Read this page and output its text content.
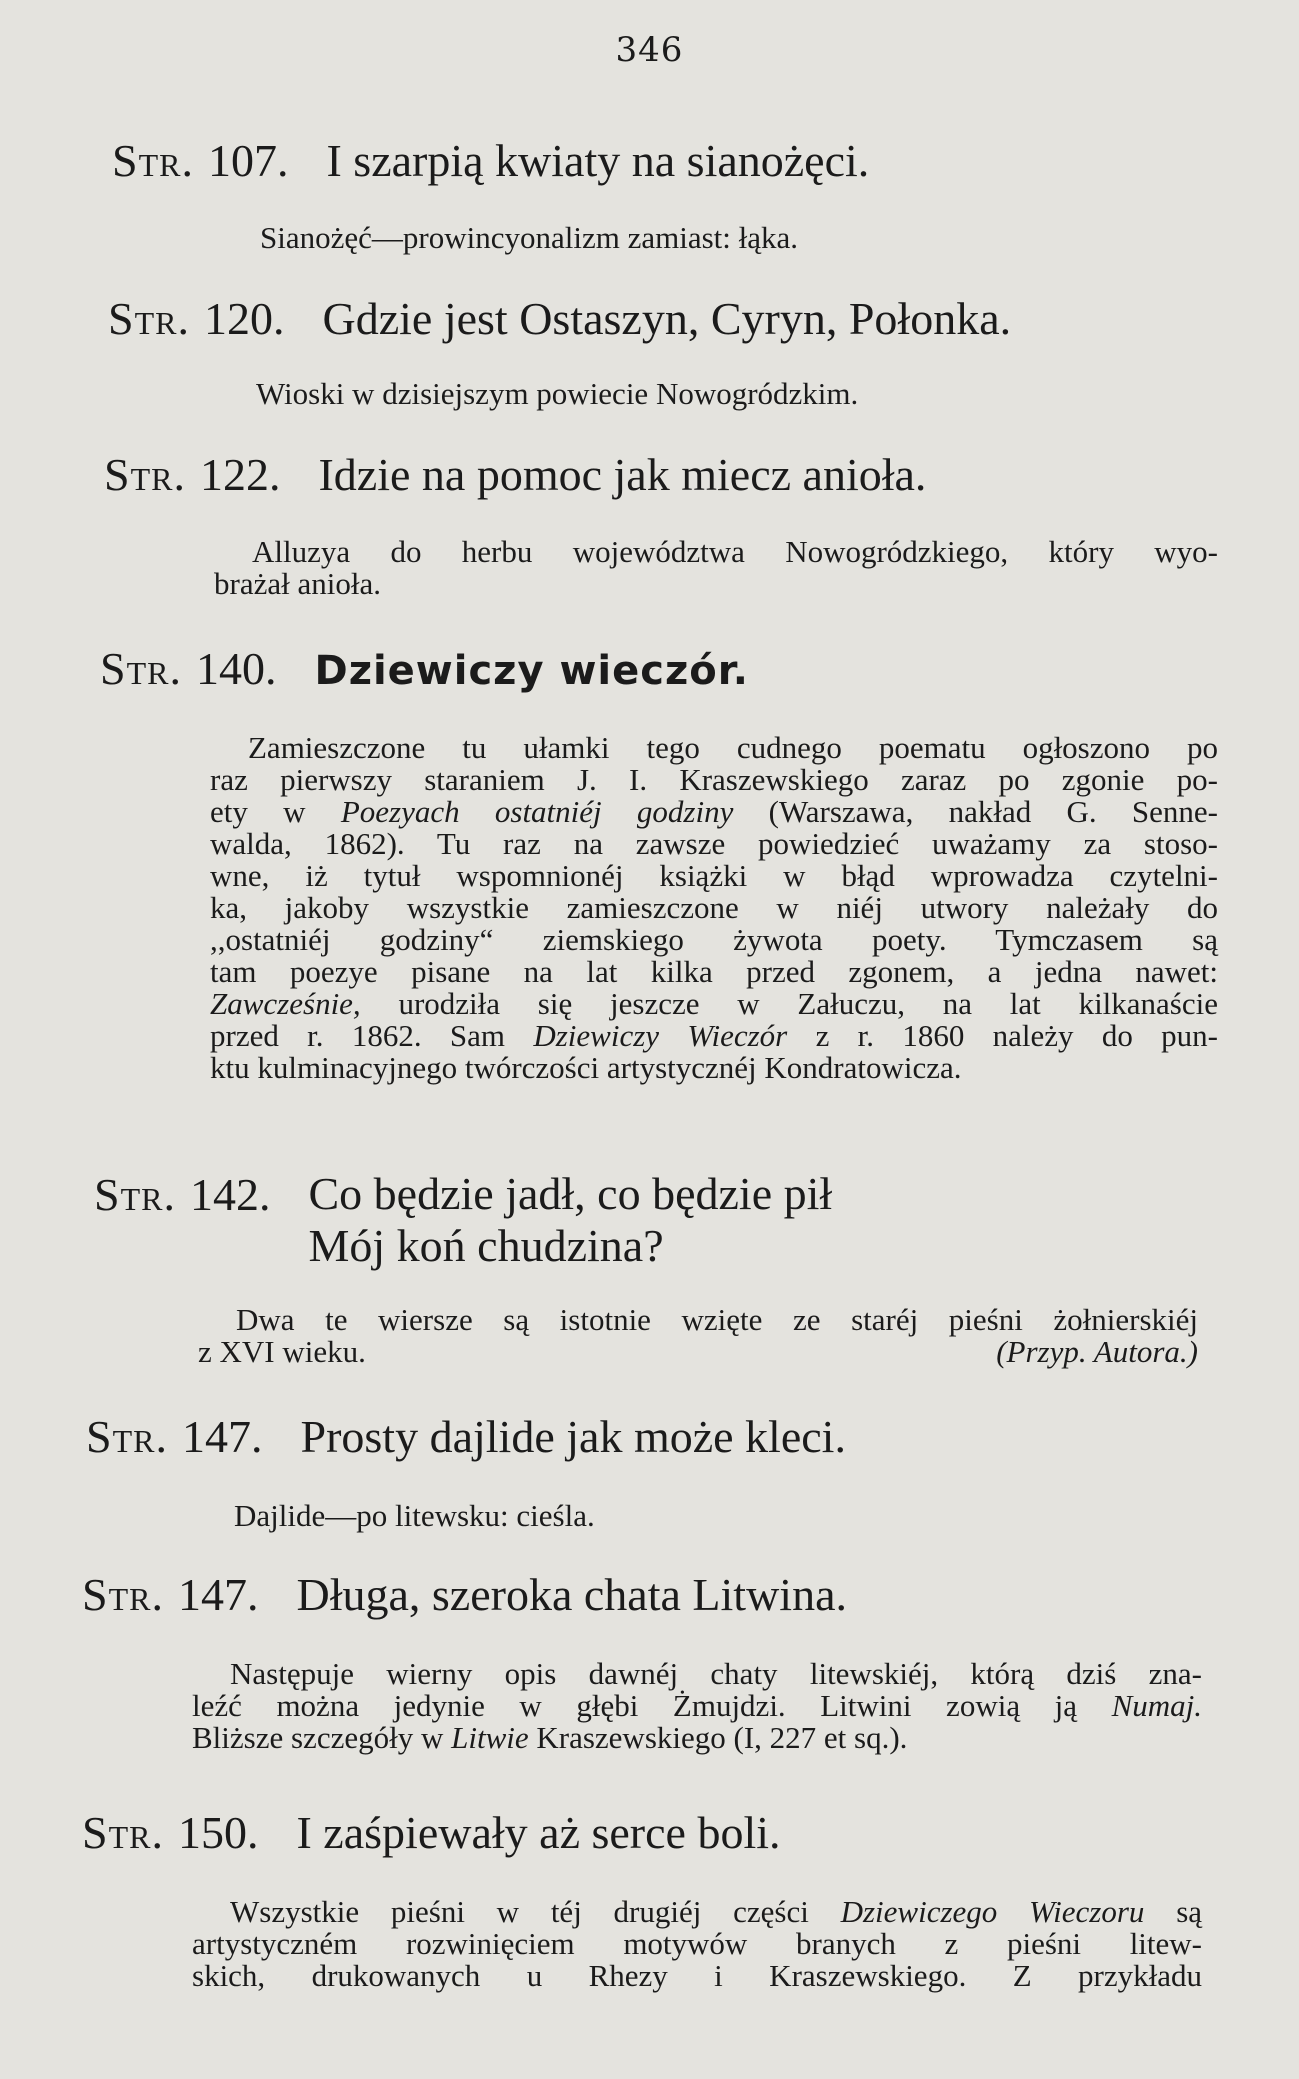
346
Str. 107. I szarpią kwiaty na sianożęci.
Sianożęć—prowincyonalizm zamiast: łąka.
Str. 120. Gdzie jest Ostaszyn, Cyryn, Połonka.
Wioski w dzisiejszym powiecie Nowogródzkim.
Str. 122. Idzie na pomoc jak miecz anioła.
Alluzya do herbu województwa Nowogródzkiego, który wyo-
brażał anioła.
Str. 140. Dziewiczy wieczór.
Zamieszczone tu ułamki tego cudnego poematu ogłoszono po
raz pierwszy staraniem J. I. Kraszewskiego zaraz po zgonie po-
ety w Poezyach ostatniéj godziny (Warszawa, nakład G. Senne-
walda, 1862). Tu raz na zawsze powiedzieć uważamy za stoso-
wne, iż tytuł wspomnionéj książki w błąd wprowadza czytelni-
ka, jakoby wszystkie zamieszczone w niéj utwory należały do
,,ostatniéj godziny“ ziemskiego żywota poety. Tymczasem są
tam poezye pisane na lat kilka przed zgonem, a jedna nawet:
Zawcześnie, urodziła się jeszcze w Załuczu, na lat kilkanaście
przed r. 1862. Sam Dziewiczy Wieczór z r. 1860 należy do pun-
ktu kulminacyjnego twórczości artystycznéj Kondratowicza.
Str. 142. Co będzie jadł, co będzie pił
Mój koń chudzina?
Dwa te wiersze są istotnie wzięte ze staréj pieśni żołnierskiéj
z XVI wieku.	(Przyp. Autora.)
Str. 147. Prosty dajlide jak może kleci.
Dajlide—po litewsku: cieśla.
Str. 147. Długa, szeroka chata Litwina.
Następuje wierny opis dawnéj chaty litewskiéj, którą dziś zna-
leźć można jedynie w głębi Żmujdzi. Litwini zowią ją Numaj.
Bliższe szczegóły w Litwie Kraszewskiego (I, 227 et sq.).
Str. 150. I zaśpiewały aż serce boli.
Wszystkie pieśni w téj drugiéj części Dziewiczego Wieczoru są
artystyczném rozwinięciem motywów branych z pieśni litew-
skich, drukowanych u Rhezy i Kraszewskiego. Z przykładu
